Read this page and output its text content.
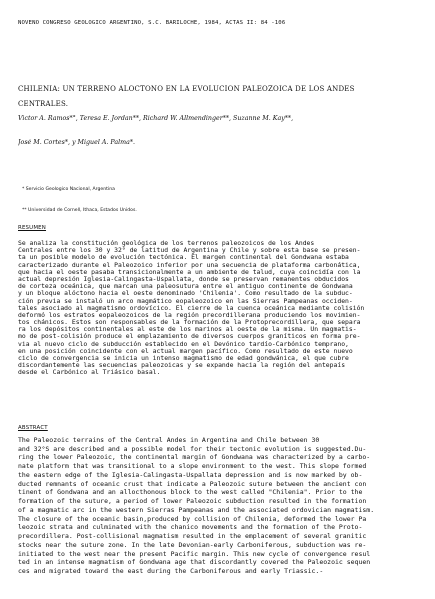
NOVENO CONGRESO GEOLOGICO ARGENTINO, S.C. BARILOCHE, 1984, ACTAS II: 84 -106
CHILENIA: UN TERRENO ALOCTONO EN LA EVOLUCION PALEOZOICA DE LOS ANDES
CENTRALES.
Victor A. Ramos*°, Teresa E. Jordan**, Richard W. Allmendinger**, Suzanne M. Kay**,
José M. Cortes*, y Miguel A. Palma*.
* Servicio Geologico Nacional, Argentina
** Universidad de Cornell, Ithaca, Estados Unidos.
RESUMEN
Se analiza la constitución geológica de los terrenos paleozoicos de los Andes
Centrales entre los 30 y 32° de latitud de Argentina y Chile y sobre esta base se presen-
ta un posible modelo de evolución tectónica. El margen continental del Gondwana estaba
caracterizado durante el Paleozoico inferior por una secuencia de plataforma carbonática,
que hacia el oeste pasaba transicionalmente a un ambiente de talud, cuya coincidía con la
actual depresión Iglesia-Calingasta-Uspallata, donde se preservan remanentes obducidos
de corteza oceánica, que marcan una paleosutura entre el antiguo continente de Gondwana
y un bloque alóctono hacia el oeste denominado 'Chilenia'. Como resultado de la subduc-
ción previa se instaló un arco magmático eopaleozoico en las Sierras Pampeanas occiden-
tales asociado al magmatismo ordovícico. El cierre de la cuenca oceánica mediante colisión
deformó los estratos eopaleozoicos de la región precordillerana produciendo los movimien-
tos chánicos. Estos son responsables de la formación de la Protoprecordillera, que separa
ra los depósitos continentales al este de los marinos al oeste de la misma. Un magmatis-
mo de post-colisión produce el emplazamiento de diversos cuerpos graníticos en forma pre-
via al nuevo ciclo de subducción establecido en el Devónico tardío-Carbónico temprano,
en una posición coincidente con el actual margen pacífico. Como resultado de este nuevo
ciclo de convergencia se inicia un intenso magmatismo de edad gondwánica, el que cubre
discordantemente las secuencias paleozoicas y se expande hacia la región del antepaís
desde el Carbónico al Triásico basal.
ABSTRACT
The Paleozoic terrains of the Central Andes in Argentina and Chile between 30
and 32°S are described and a possible model for their tectonic evolution is suggested.Du-
ring the lower Paleozoic, the continental margin of Gondwana was characterized by a carbo-
nate platform that was transitional to a slope environment to the west. This slope formed
the eastern edge of the Iglesia-Calingasta-Uspallata depression and is now marked by ob-
ducted remnants of oceanic crust that indicate a Paleozoic suture between the ancient con
tinent of Gondwana and an allocthonous block to the west called "Chilenia". Prior to the
formation of the suture, a period of lower Paleozoic subduction resulted in the formation
of a magmatic arc in the western Sierras Pampeanas and the associated ordovician magmatism.
The closure of the oceanic basin,produced by collision of Chilenia, deformed the lower Pa
leozoic strata and culminated with the chanico movements and the formation of the Proto-
precordillera. Post-collisional magmatism resulted in the emplacement of several granitic
stocks near the suture zone. In the late Devonian-early Carboniferous, subduction was re-
initiated to the west near the present Pacific margin. This new cycle of convergence resul
ted in an intense magmatism of Gondwana age that discordantly covered the Paleozoic sequen
ces and migrated toward the east during the Carboniferous and early Triassic.-
